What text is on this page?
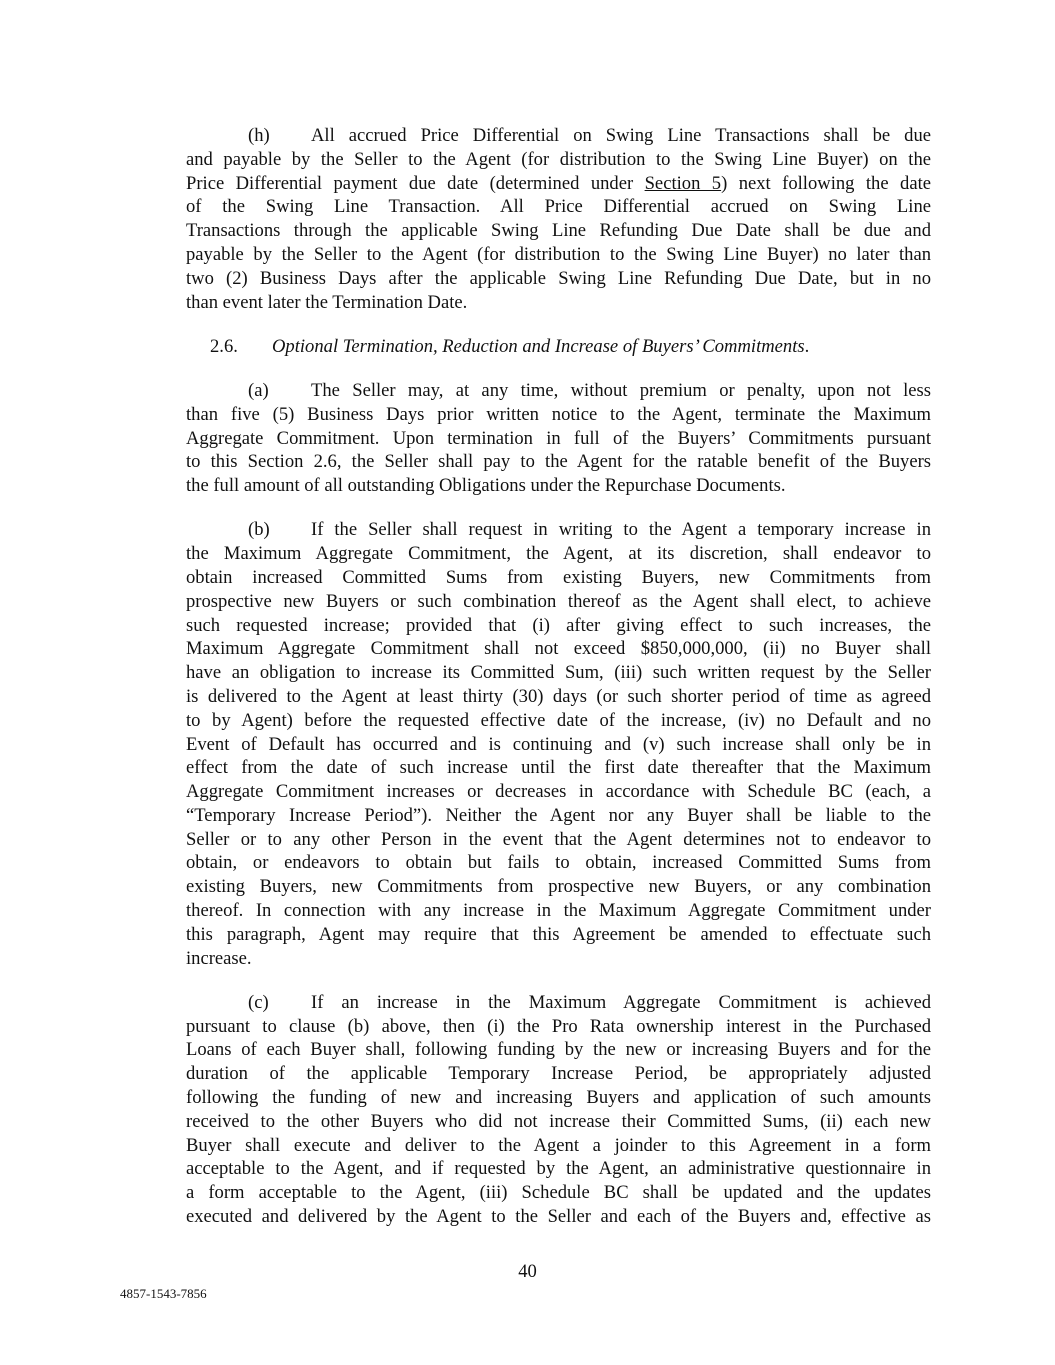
(h) All accrued Price Differential on Swing Line Transactions shall be due
and payable by the Seller to the Agent (for distribution to the Swing Line Buyer) on the
Price Differential payment due date (determined under Section 5) next following the date
of the Swing Line Transaction. All Price Differential accrued on Swing Line
Transactions through the applicable Swing Line Refunding Due Date shall be due and
payable by the Seller to the Agent (for distribution to the Swing Line Buyer) no later than
two (2) Business Days after the applicable Swing Line Refunding Due Date, but in no
than event later the Termination Date.
2.6. Optional Termination, Reduction and Increase of Buyers’ Commitments.
(a) The Seller may, at any time, without premium or penalty, upon not less
than five (5) Business Days prior written notice to the Agent, terminate the Maximum
Aggregate Commitment. Upon termination in full of the Buyers’ Commitments pursuant
to this Section 2.6, the Seller shall pay to the Agent for the ratable benefit of the Buyers
the full amount of all outstanding Obligations under the Repurchase Documents.
(b) If the Seller shall request in writing to the Agent a temporary increase in
the Maximum Aggregate Commitment, the Agent, at its discretion, shall endeavor to
obtain increased Committed Sums from existing Buyers, new Commitments from
prospective new Buyers or such combination thereof as the Agent shall elect, to achieve
such requested increase; provided that (i) after giving effect to such increases, the
Maximum Aggregate Commitment shall not exceed $850,000,000, (ii) no Buyer shall
have an obligation to increase its Committed Sum, (iii) such written request by the Seller
is delivered to the Agent at least thirty (30) days (or such shorter period of time as agreed
to by Agent) before the requested effective date of the increase, (iv) no Default and no
Event of Default has occurred and is continuing and (v) such increase shall only be in
effect from the date of such increase until the first date thereafter that the Maximum
Aggregate Commitment increases or decreases in accordance with Schedule BC (each, a
“Temporary Increase Period”). Neither the Agent nor any Buyer shall be liable to the
Seller or to any other Person in the event that the Agent determines not to endeavor to
obtain, or endeavors to obtain but fails to obtain, increased Committed Sums from
existing Buyers, new Commitments from prospective new Buyers, or any combination
thereof. In connection with any increase in the Maximum Aggregate Commitment under
this paragraph, Agent may require that this Agreement be amended to effectuate such
increase.
(c) If an increase in the Maximum Aggregate Commitment is achieved
pursuant to clause (b) above, then (i) the Pro Rata ownership interest in the Purchased
Loans of each Buyer shall, following funding by the new or increasing Buyers and for the
duration of the applicable Temporary Increase Period, be appropriately adjusted
following the funding of new and increasing Buyers and application of such amounts
received to the other Buyers who did not increase their Committed Sums, (ii) each new
Buyer shall execute and deliver to the Agent a joinder to this Agreement in a form
acceptable to the Agent, and if requested by the Agent, an administrative questionnaire in
a form acceptable to the Agent, (iii) Schedule BC shall be updated and the updates
executed and delivered by the Agent to the Seller and each of the Buyers and, effective as
40
4857-1543-7856
